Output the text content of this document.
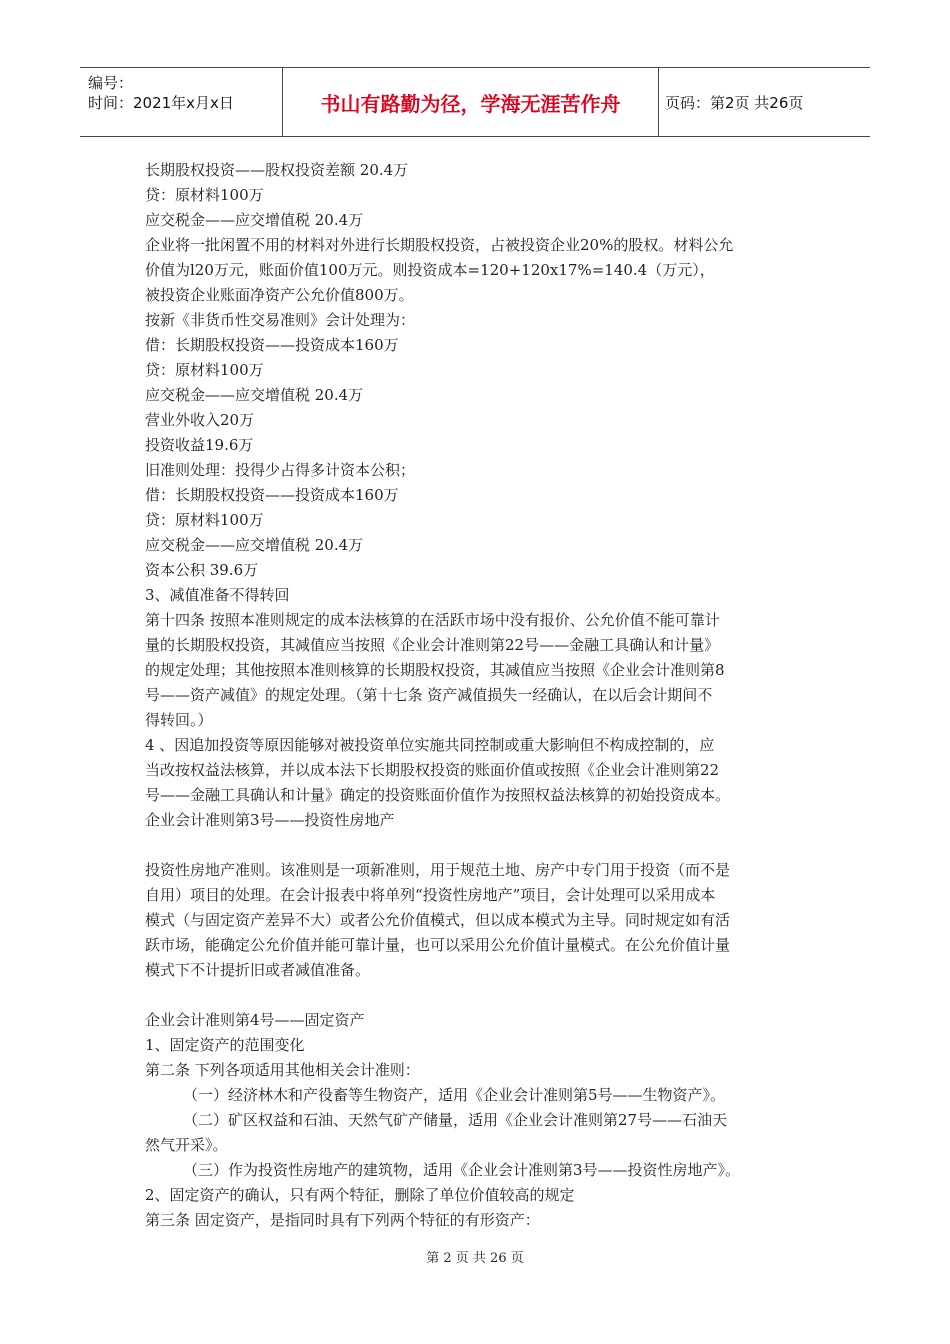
编号：
时间：2021年x月x日	书山有路勤为径，学海无涯苦作舟	页码：第2页 共26页
长期股权投资——股权投资差额 20.4万
贷：原材料100万
应交税金——应交增值税 20.4万
企业将一批闲置不用的材料对外进行长期股权投资，占被投资企业20%的股权。材料公允
价值为l20万元，账面价值100万元。则投资成本=120+120x17%=140.4（万元），
被投资企业账面净资产公允价值800万。
按新《非货币性交易准则》会计处理为：
借：长期股权投资——投资成本160万
贷：原材料100万
应交税金——应交增值税 20.4万
营业外收入20万
投资收益19.6万
旧准则处理：投得少占得多计资本公积；
借：长期股权投资——投资成本160万
贷：原材料100万
应交税金——应交增值税 20.4万
资本公积 39.6万
3、减值准备不得转回
第十四条 按照本准则规定的成本法核算的在活跃市场中没有报价、公允价值不能可靠计
量的长期股权投资，其减值应当按照《企业会计准则第22号——金融工具确认和计量》
的规定处理；其他按照本准则核算的长期股权投资，其减值应当按照《企业会计准则第8
号——资产减值》的规定处理。（第十七条 资产减值损失一经确认，在以后会计期间不
得转回。）
4 、因追加投资等原因能够对被投资单位实施共同控制或重大影响但不构成控制的，应
当改按权益法核算，并以成本法下长期股权投资的账面价值或按照《企业会计准则第22
号——金融工具确认和计量》确定的投资账面价值作为按照权益法核算的初始投资成本。
企业会计准则第3号——投资性房地产
投资性房地产准则。该准则是一项新准则，用于规范土地、房产中专门用于投资（而不是
自用）项目的处理。在会计报表中将单列“投资性房地产”项目，会计处理可以采用成本
模式（与固定资产差异不大）或者公允价值模式，但以成本模式为主导。同时规定如有活
跃市场，能确定公允价值并能可靠计量，也可以采用公允价值计量模式。在公允价值计量
模式下不计提折旧或者减值准备。
企业会计准则第4号——固定资产
1、固定资产的范围变化
第二条 下列各项适用其他相关会计准则：
（一）经济林木和产役畜等生物资产，适用《企业会计准则第5号——生物资产》。
（二）矿区权益和石油、天然气矿产储量，适用《企业会计准则第27号——石油天
然气开采》。
（三）作为投资性房地产的建筑物，适用《企业会计准则第3号——投资性房地产》。
2、固定资产的确认，只有两个特征，删除了单位价值较高的规定
第三条 固定资产，是指同时具有下列两个特征的有形资产：
第 2 页 共 26 页
